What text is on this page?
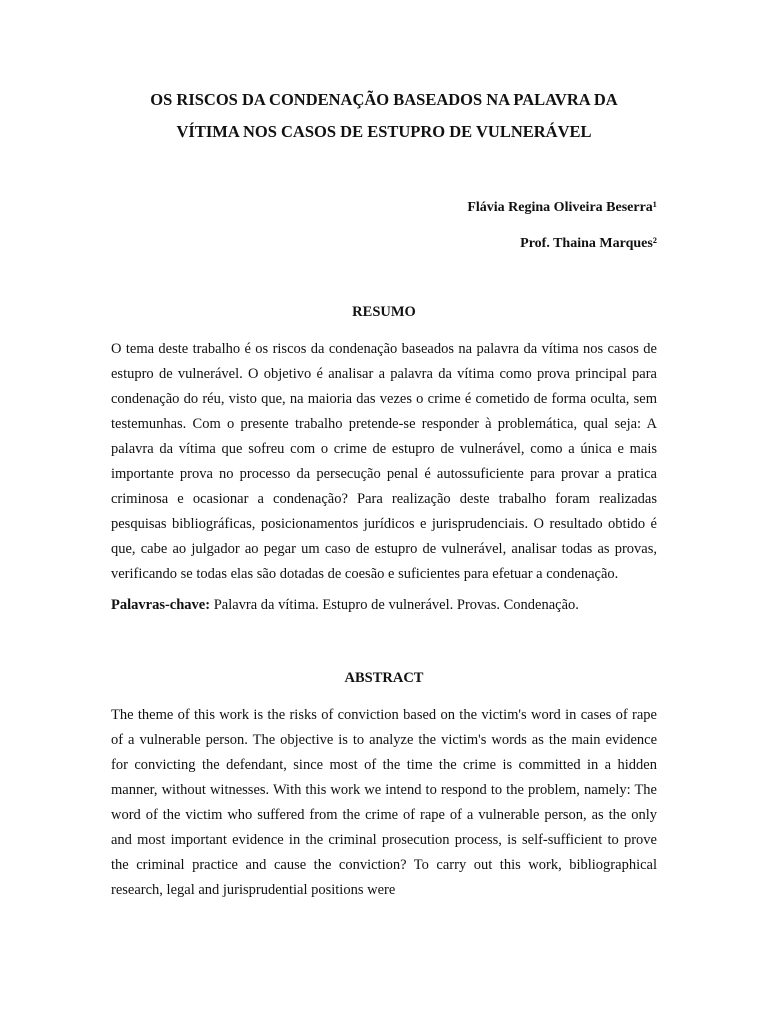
OS RISCOS DA CONDENAÇÃO BASEADOS NA PALAVRA DA

VÍTIMA NOS CASOS DE ESTUPRO DE VULNERÁVEL

Flávia Regina Oliveira Beserra¹

Prof. Thaina Marques²

RESUMO

O tema deste trabalho é os riscos da condenação baseados na palavra da vítima nos casos de estupro de vulnerável. O objetivo é analisar a palavra da vítima como prova principal para condenação do réu, visto que, na maioria das vezes o crime é cometido de forma oculta, sem testemunhas. Com o presente trabalho pretende-se responder à problemática, qual seja: A palavra da vítima que sofreu com o crime de estupro de vulnerável, como a única e mais importante prova no processo da persecução penal é autossuficiente para provar a pratica criminosa e ocasionar a condenação? Para realização deste trabalho foram realizadas pesquisas bibliográficas, posicionamentos jurídicos e jurisprudenciais. O resultado obtido é que, cabe ao julgador ao pegar um caso de estupro de vulnerável, analisar todas as provas, verificando se todas elas são dotadas de coesão e suficientes para efetuar a condenação.

Palavras-chave: Palavra da vítima. Estupro de vulnerável. Provas. Condenação.

ABSTRACT

The theme of this work is the risks of conviction based on the victim's word in cases of rape of a vulnerable person. The objective is to analyze the victim's words as the main evidence for convicting the defendant, since most of the time the crime is committed in a hidden manner, without witnesses. With this work we intend to respond to the problem, namely: The word of the victim who suffered from the crime of rape of a vulnerable person, as the only and most important evidence in the criminal prosecution process, is self-sufficient to prove the criminal practice and cause the conviction? To carry out this work, bibliographical research, legal and jurisprudential positions were
